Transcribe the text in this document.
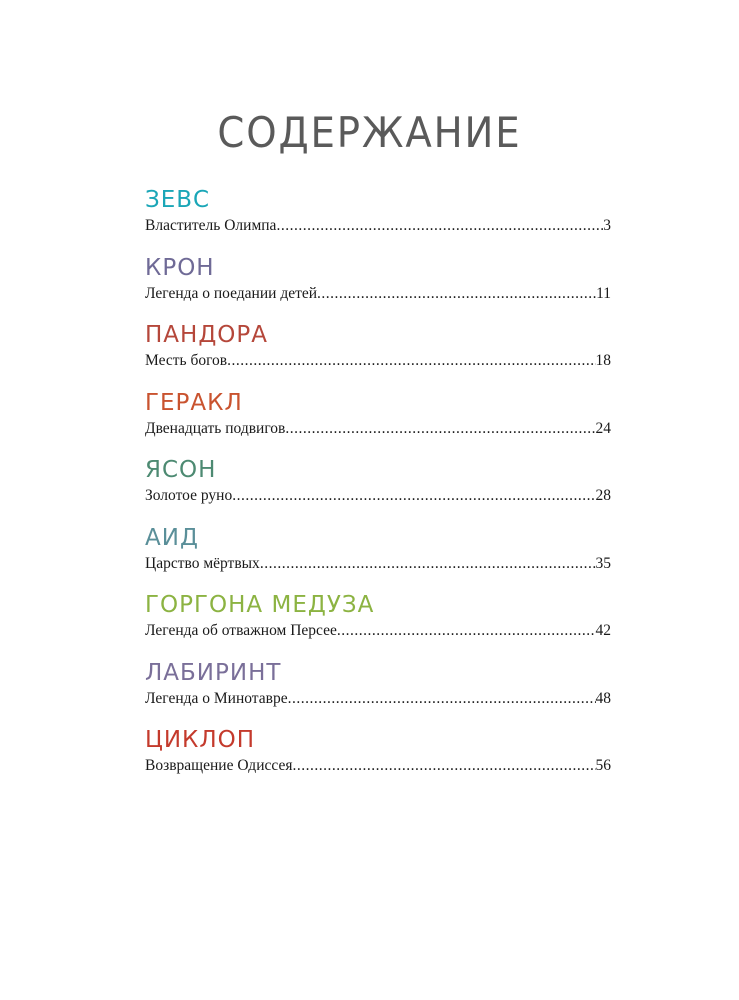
СОДЕРЖАНИЕ
ЗЕВС
Властитель Олимпа .....	3
КРОН
Легенда о поедании детей .....	11
ПАНДОРА
Месть богов .....	18
ГЕРАКЛ
Двенадцать подвигов .....	24
ЯСОН
Золотое руно .....	28
АИД
Царство мёртвых .....	35
ГОРГОНА МЕДУЗА
Легенда об отважном Персее .....	42
ЛАБИРИНТ
Легенда о Минотавре .....	48
ЦИКЛОП
Возвращение Одиссея .....	56
